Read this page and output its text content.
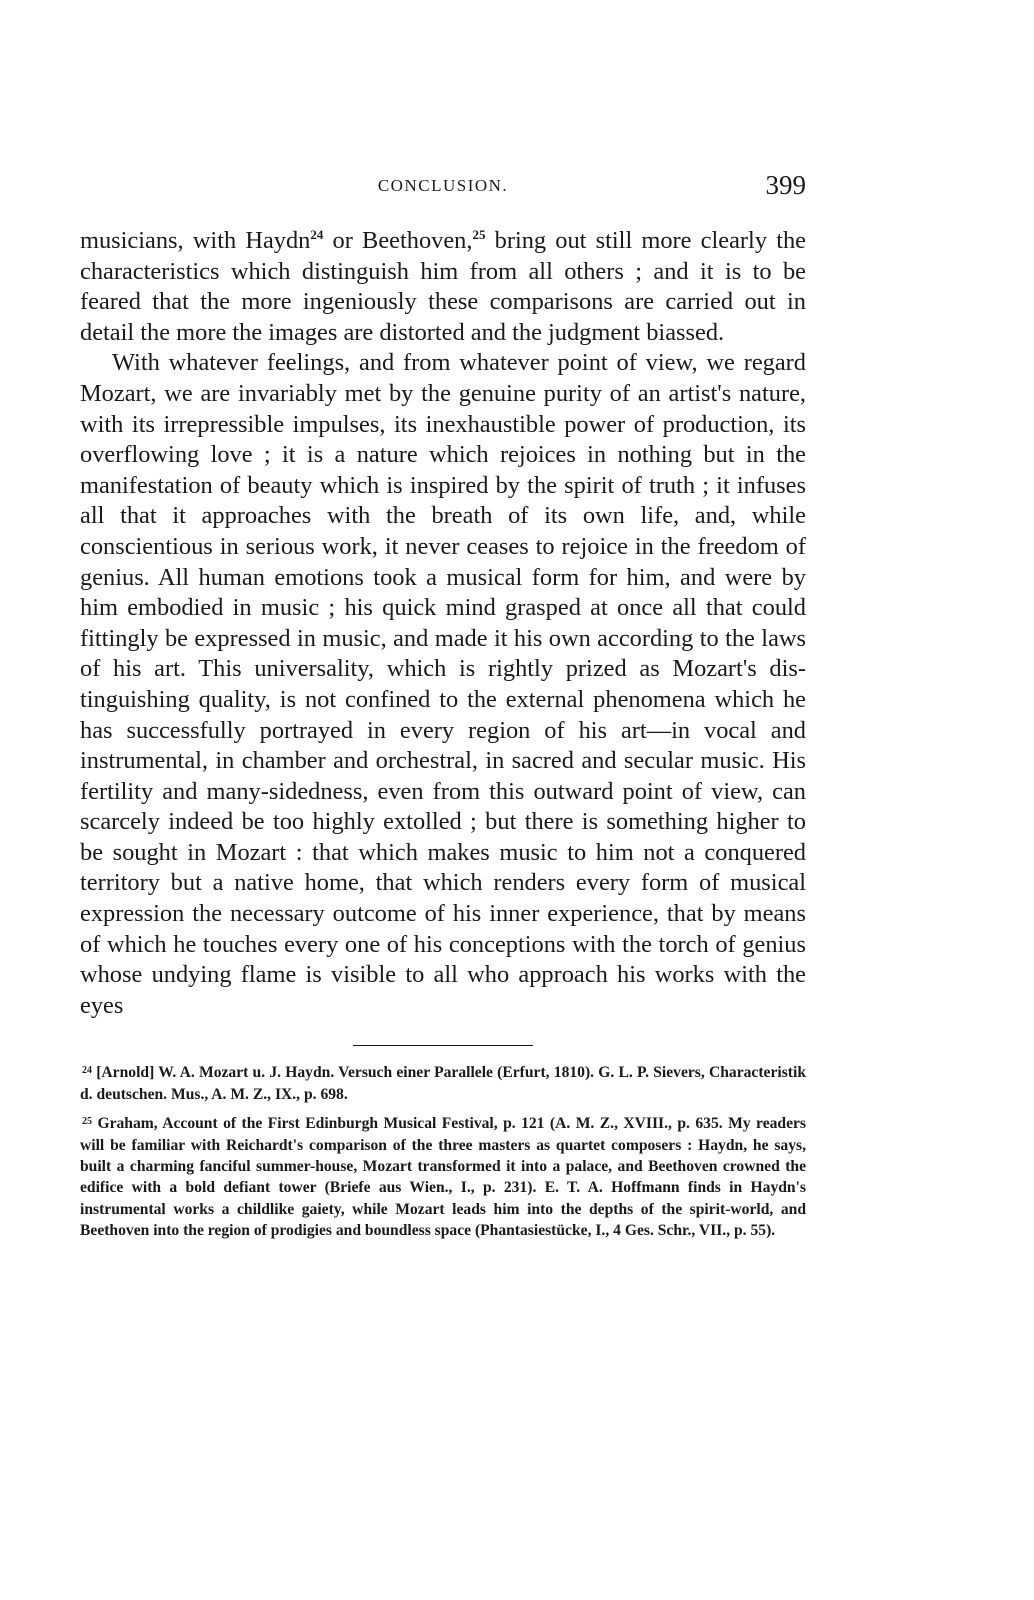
CONCLUSION.	399

musicians, with Haydn$^{24}$ or Beethoven,$^{25}$ bring out still more clearly the characteristics which distinguish him from all others ; and it is to be feared that the more ingeniously these comparisons are carried out in detail the more the images are distorted and the judgment biassed.

With whatever feelings, and from whatever point of view, we regard Mozart, we are invariably met by the genuine purity of an artist's nature, with its irrepressible impulses, its inexhaustible power of production, its overflowing love ; it is a nature which rejoices in nothing but in the manifestation of beauty which is inspired by the spirit of truth ; it infuses all that it approaches with the breath of its own life, and, while conscientious in serious work, it never ceases to rejoice in the freedom of genius. All human emotions took a musical form for him, and were by him embodied in music ; his quick mind grasped at once all that could fittingly be expressed in music, and made it his own according to the laws of his art. This universality, which is rightly prized as Mozart's dis-tinguishing quality, is not confined to the external phenomena which he has successfully portrayed in every region of his art—in vocal and instrumental, in chamber and orchestral, in sacred and secular music. His fertility and many-sidedness, even from this outward point of view, can scarcely indeed be too highly extolled ; but there is something higher to be sought in Mozart : that which makes music to him not a conquered territory but a native home, that which renders every form of musical expression the necessary outcome of his inner experience, that by means of which he touches every one of his conceptions with the torch of genius whose undying flame is visible to all who approach his works with the eyes

$^{24}$ [Arnold] W. A. Mozart u. J. Haydn. Versuch einer Parallele (Erfurt, 1810). G. L. P. Sievers, Characteristik d. deutschen. Mus., A. M. Z., IX., p. 698.

$^{25}$ Graham, Account of the First Edinburgh Musical Festival, p. 121 (A. M. Z., XVIII., p. 635. My readers will be familiar with Reichardt's comparison of the three masters as quartet composers : Haydn, he says, built a charming fanciful summer-house, Mozart transformed it into a palace, and Beethoven crowned the edifice with a bold defiant tower (Briefe aus Wien., I., p. 231). E. T. A. Hoffmann finds in Haydn's instrumental works a childlike gaiety, while Mozart leads him into the depths of the spirit-world, and Beethoven into the region of prodigies and boundless space (Phantasiestücke, I., 4 Ges. Schr., VII., p. 55).
